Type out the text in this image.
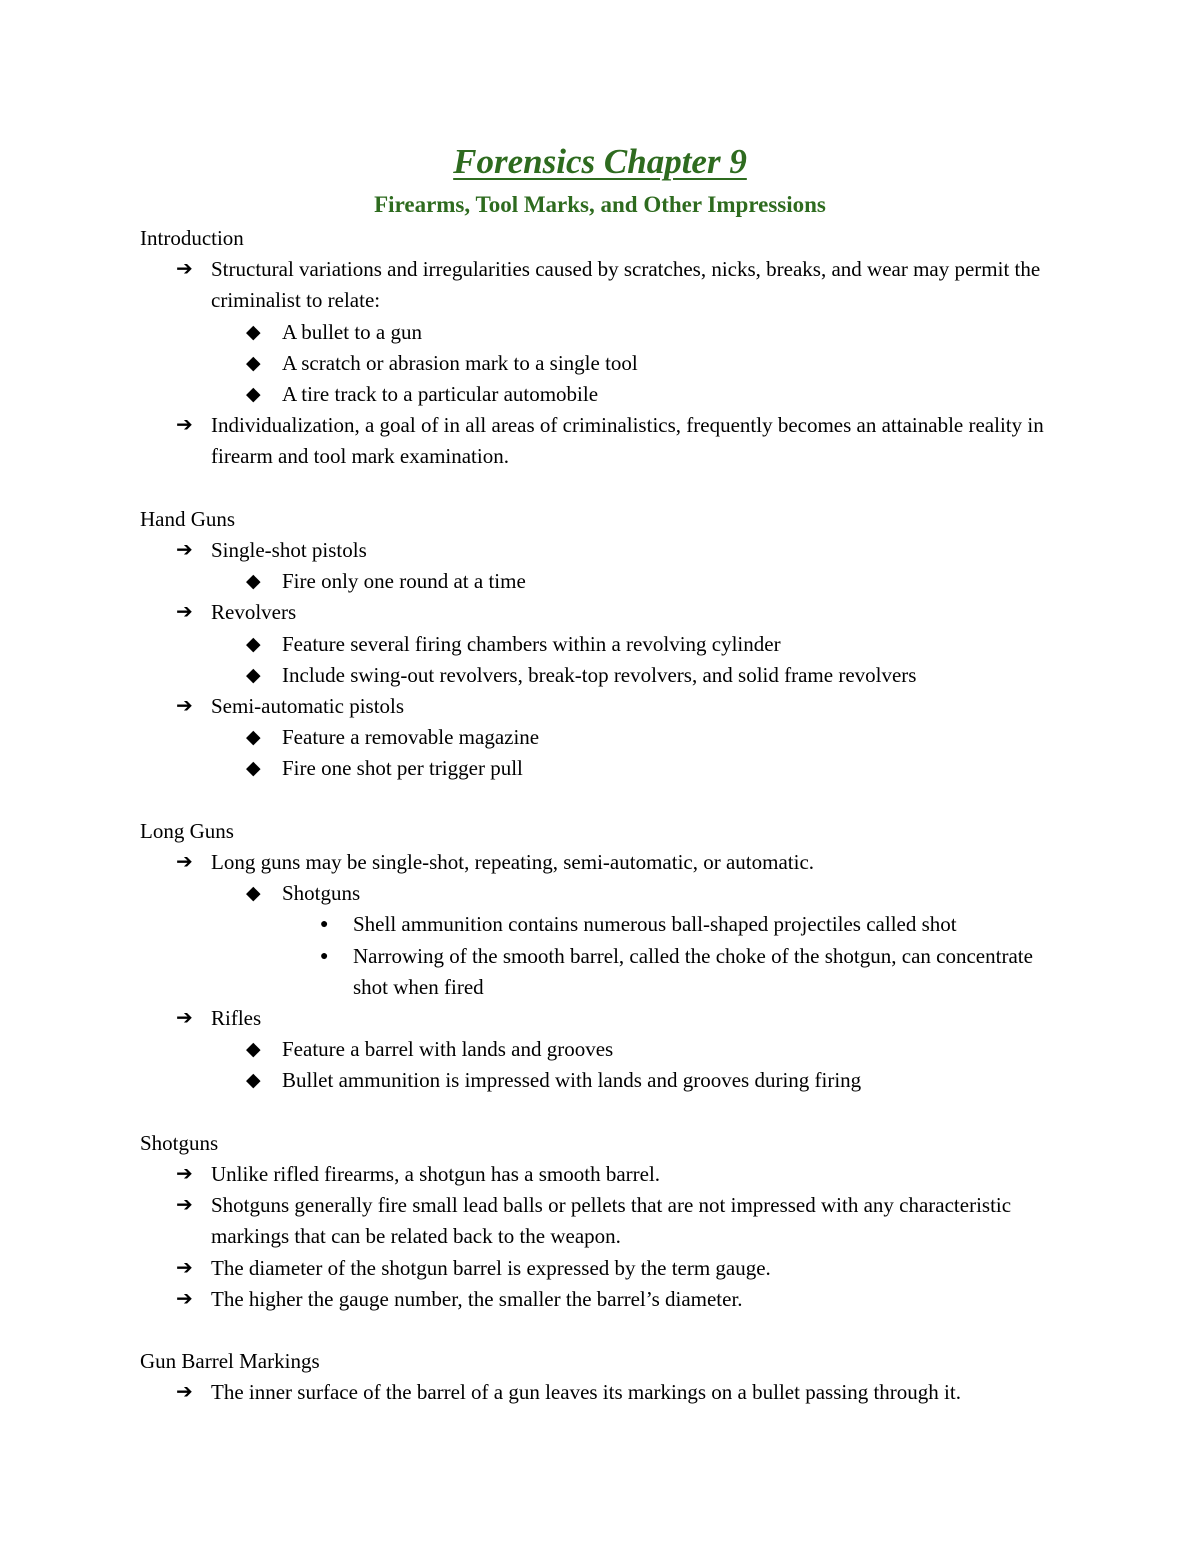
Forensics Chapter 9
Firearms, Tool Marks, and Other Impressions
Introduction
➔ Structural variations and irregularities caused by scratches, nicks, breaks, and wear may permit the criminalist to relate:
◆ A bullet to a gun
◆ A scratch or abrasion mark to a single tool
◆ A tire track to a particular automobile
➔ Individualization, a goal of in all areas of criminalistics, frequently becomes an attainable reality in firearm and tool mark examination.
Hand Guns
➔ Single-shot pistols
◆ Fire only one round at a time
➔ Revolvers
◆ Feature several firing chambers within a revolving cylinder
◆ Include swing-out revolvers, break-top revolvers, and solid frame revolvers
➔ Semi-automatic pistols
◆ Feature a removable magazine
◆ Fire one shot per trigger pull
Long Guns
➔ Long guns may be single-shot, repeating, semi-automatic, or automatic.
◆ Shotguns
● Shell ammunition contains numerous ball-shaped projectiles called shot
● Narrowing of the smooth barrel, called the choke of the shotgun, can concentrate shot when fired
➔ Rifles
◆ Feature a barrel with lands and grooves
◆ Bullet ammunition is impressed with lands and grooves during firing
Shotguns
➔ Unlike rifled firearms, a shotgun has a smooth barrel.
➔ Shotguns generally fire small lead balls or pellets that are not impressed with any characteristic markings that can be related back to the weapon.
➔ The diameter of the shotgun barrel is expressed by the term gauge.
➔ The higher the gauge number, the smaller the barrel’s diameter.
Gun Barrel Markings
➔ The inner surface of the barrel of a gun leaves its markings on a bullet passing through it.
